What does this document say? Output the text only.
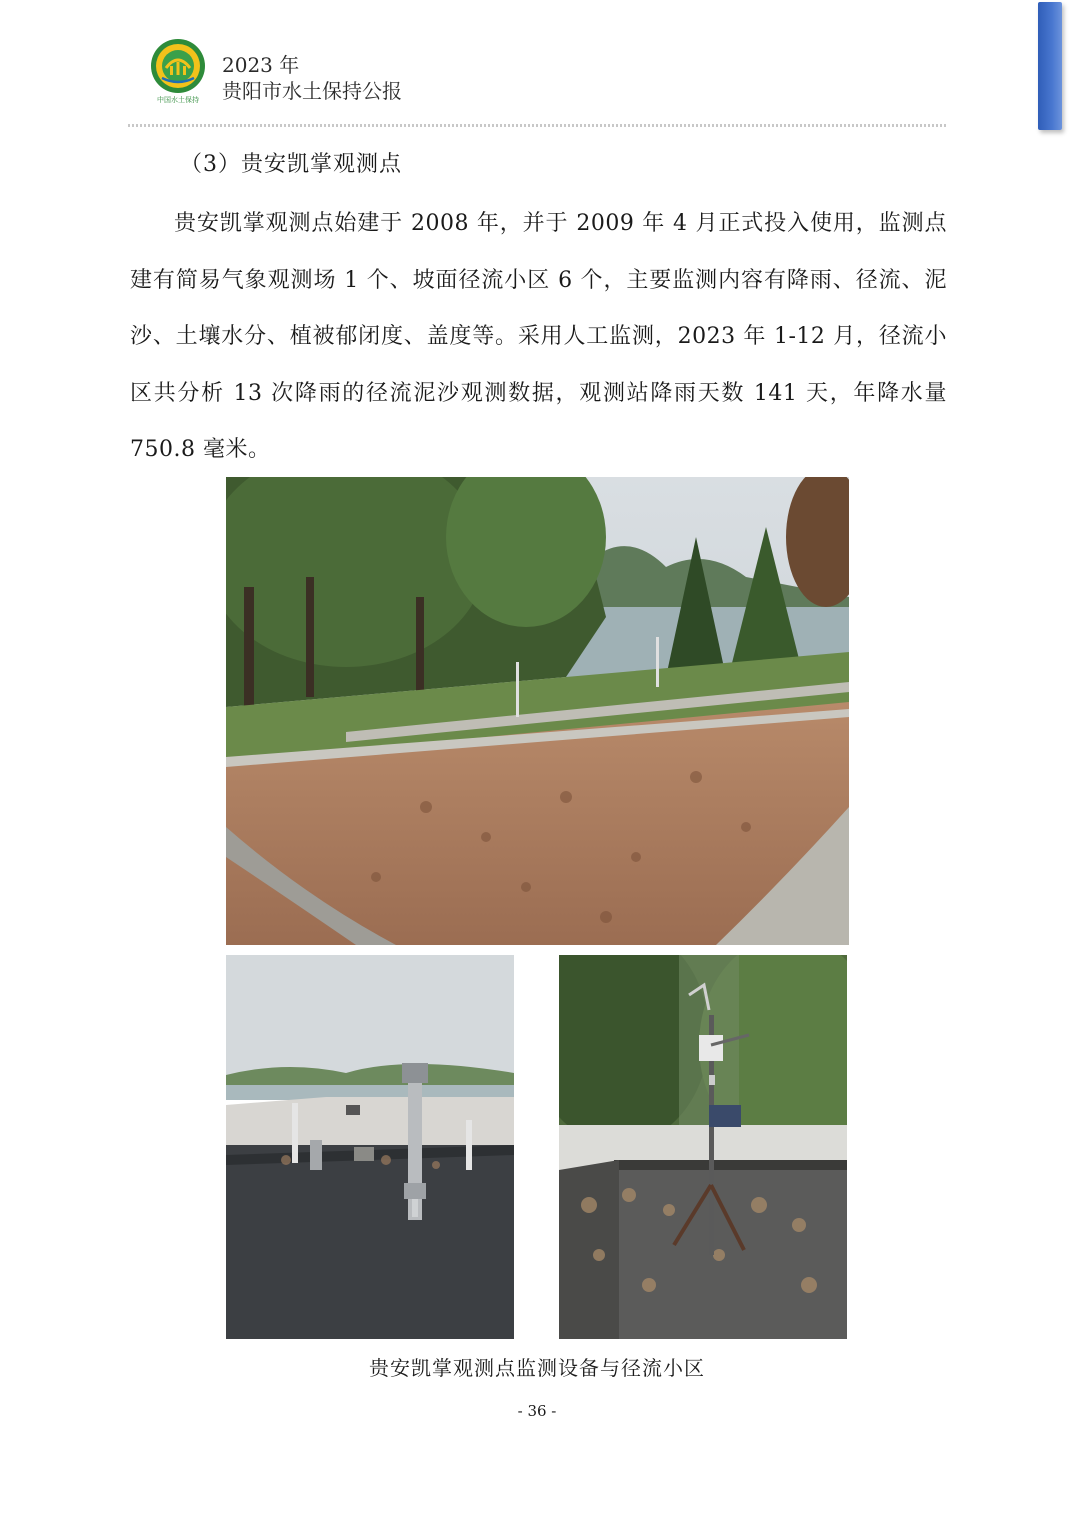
中国水土保持
2023 年
贵阳市水土保持公报
（3）贵安凯掌观测点

贵安凯掌观测点始建于 2008 年，并于 2009 年 4 月正式投入使用，监测点建有简易气象观测场 1 个、坡面径流小区 6 个，主要监测内容有降雨、径流、泥沙、土壤水分、植被郁闭度、盖度等。采用人工监测，2023 年 1-12 月，径流小区共分析 13 次降雨的径流泥沙观测数据，观测站降雨天数 141 天，年降水量 750.8 毫米。

贵安凯掌观测点监测设备与径流小区
- 36 -
